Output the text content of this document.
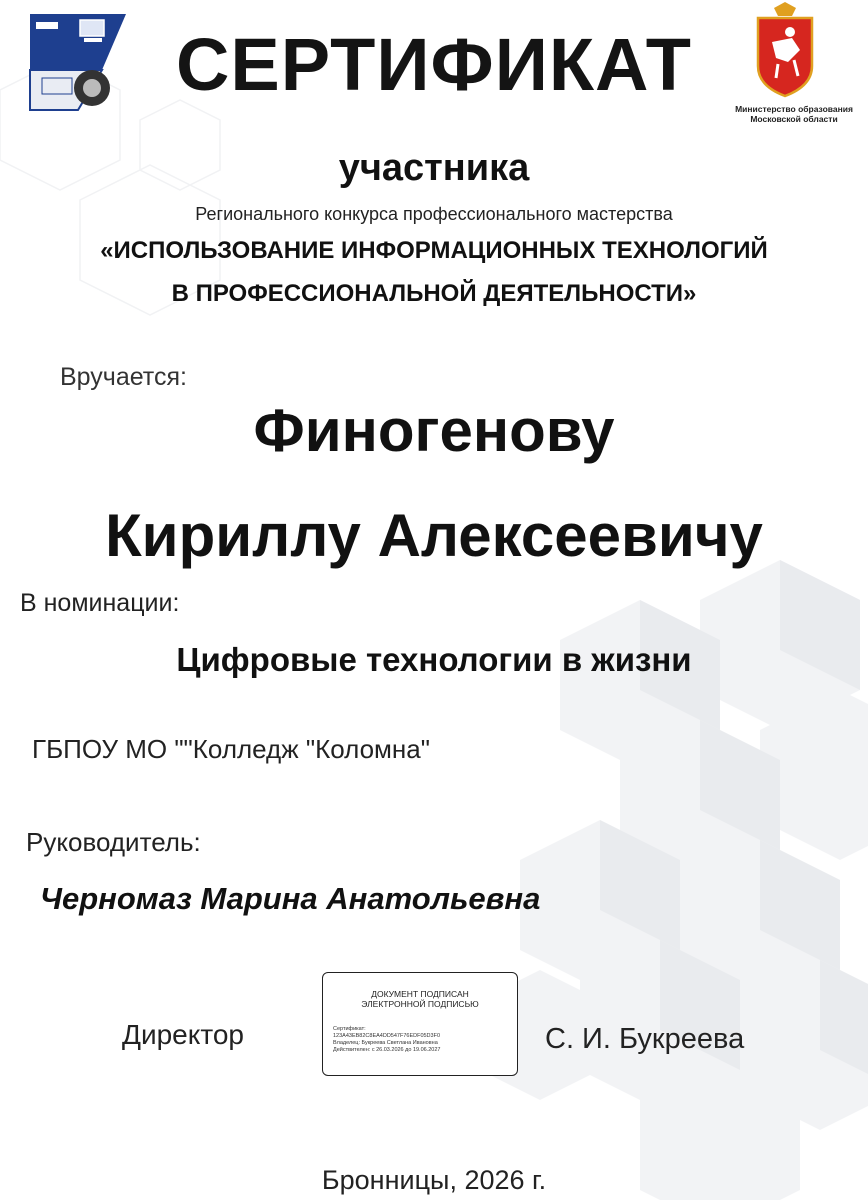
Министерство образования
Московской области
СЕРТИФИКАТ
участника
Регионального конкурса профессионального мастерства
«ИСПОЛЬЗОВАНИЕ ИНФОРМАЦИОННЫХ ТЕХНОЛОГИЙ
В ПРОФЕССИОНАЛЬНОЙ ДЕЯТЕЛЬНОСТИ»
Вручается:
Финогенову
Кириллу Алексеевичу
В номинации:
Цифровые технологии в жизни
ГБПОУ МО ""Колледж "Коломна"
Руководитель:
Черномаз Марина Анатольевна
Директор
ДОКУМЕНТ ПОДПИСАН
ЭЛЕКТРОННОЙ ПОДПИСЬЮ
Сертификат:
123A43EB82C8EA4DD547F76EDF05D3F0
Владелец: Букреева Светлана Ивановна
Действителен: с 26.03.2026 до 19.06.2027	С. И. Букреева
Бронницы, 2026 г.
